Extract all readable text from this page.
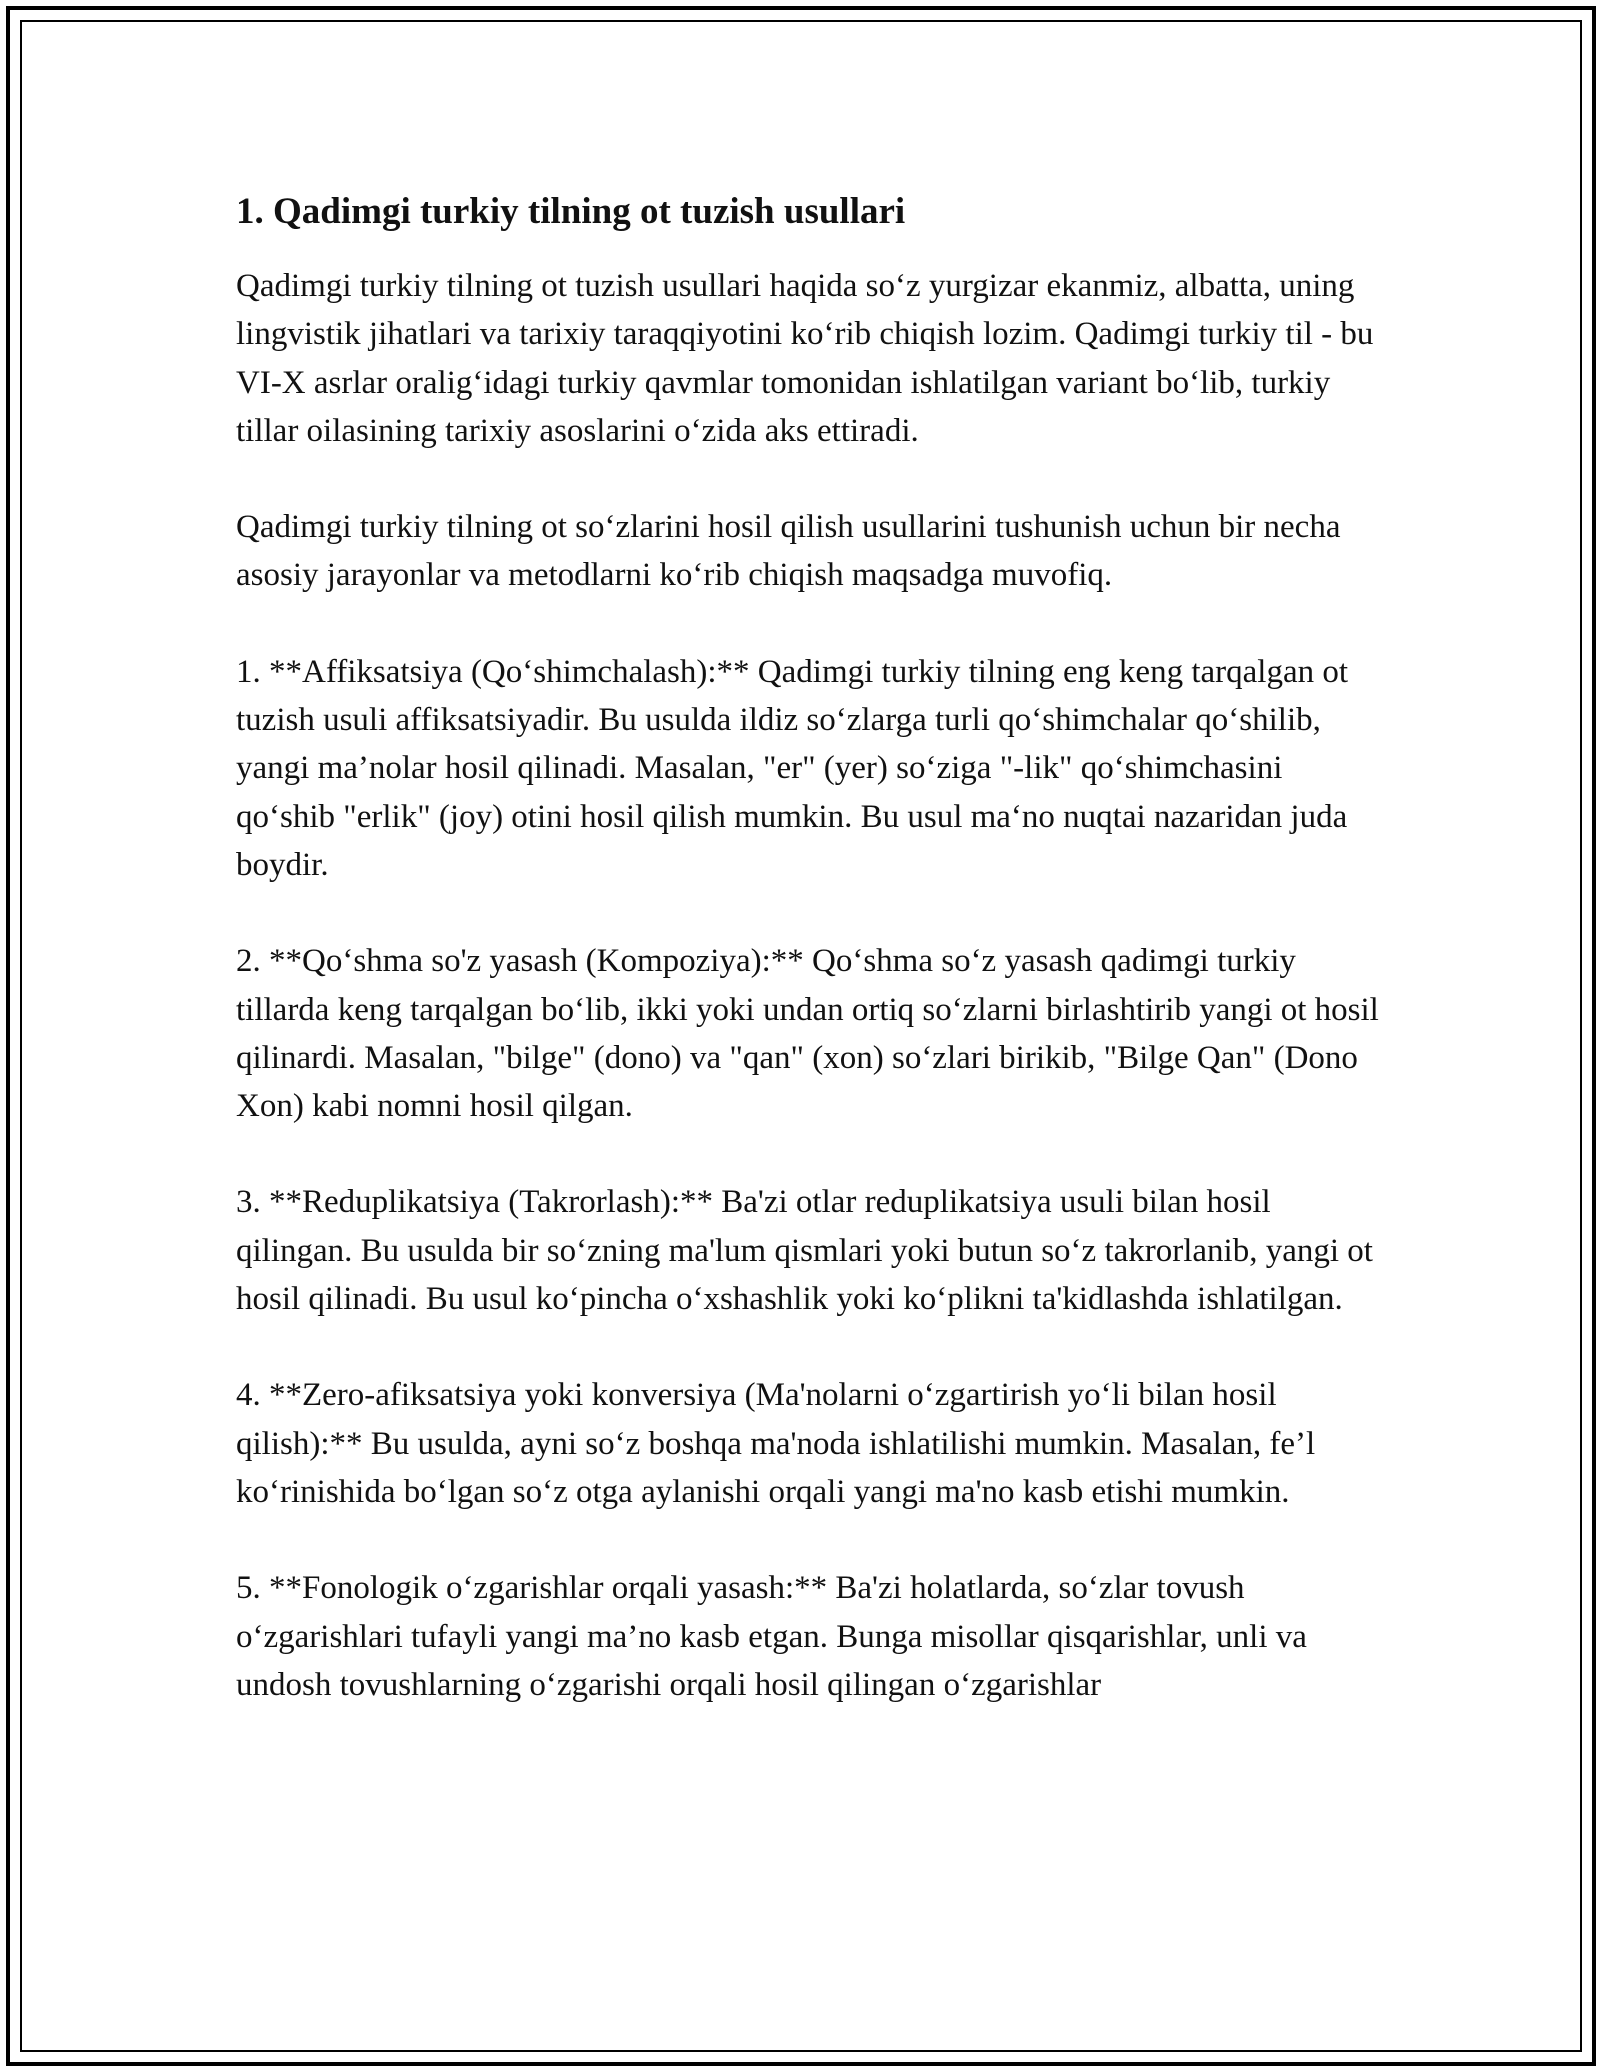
1. Qadimgi turkiy tilning ot tuzish usullari

Qadimgi turkiy tilning ot tuzish usullari haqida so‘z yurgizar ekanmiz, albatta, uning lingvistik jihatlari va tarixiy taraqqiyotini ko‘rib chiqish lozim. Qadimgi turkiy til - bu VI-X asrlar oralig‘idagi turkiy qavmlar tomonidan ishlatilgan variant bo‘lib, turkiy tillar oilasining tarixiy asoslarini o‘zida aks ettiradi.

Qadimgi turkiy tilning ot so‘zlarini hosil qilish usullarini tushunish uchun bir necha asosiy jarayonlar va metodlarni ko‘rib chiqish maqsadga muvofiq.

1. **Affiksatsiya (Qo‘shimchalash):** Qadimgi turkiy tilning eng keng tarqalgan ot tuzish usuli affiksatsiyadir. Bu usulda ildiz so‘zlarga turli qo‘shimchalar qo‘shilib, yangi ma’nolar hosil qilinadi. Masalan, "er" (yer) so‘ziga "-lik" qo‘shimchasini qo‘shib "erlik" (joy) otini hosil qilish mumkin. Bu usul ma‘no nuqtai nazaridan juda boydir.

2. **Qo‘shma so'z yasash (Kompoziya):** Qo‘shma so‘z yasash qadimgi turkiy tillarda keng tarqalgan bo‘lib, ikki yoki undan ortiq so‘zlarni birlashtirib yangi ot hosil qilinardi. Masalan, "bilge" (dono) va "qan" (xon) so‘zlari birikib, "Bilge Qan" (Dono Xon) kabi nomni hosil qilgan.

3. **Reduplikatsiya (Takrorlash):** Ba'zi otlar reduplikatsiya usuli bilan hosil qilingan. Bu usulda bir so‘zning ma'lum qismlari yoki butun so‘z takrorlanib, yangi ot hosil qilinadi. Bu usul ko‘pincha o‘xshashlik yoki ko‘plikni ta'kidlashda ishlatilgan.

4. **Zero-afiksatsiya yoki konversiya (Ma'nolarni o‘zgartirish yo‘li bilan hosil qilish):** Bu usulda, ayni so‘z boshqa ma'noda ishlatilishi mumkin. Masalan, fe’l ko‘rinishida bo‘lgan so‘z otga aylanishi orqali yangi ma'no kasb etishi mumkin.

5. **Fonologik o‘zgarishlar orqali yasash:** Ba'zi holatlarda, so‘zlar tovush o‘zgarishlari tufayli yangi ma’no kasb etgan. Bunga misollar qisqarishlar, unli va undosh tovushlarning o‘zgarishi orqali hosil qilingan o‘zgarishlar
